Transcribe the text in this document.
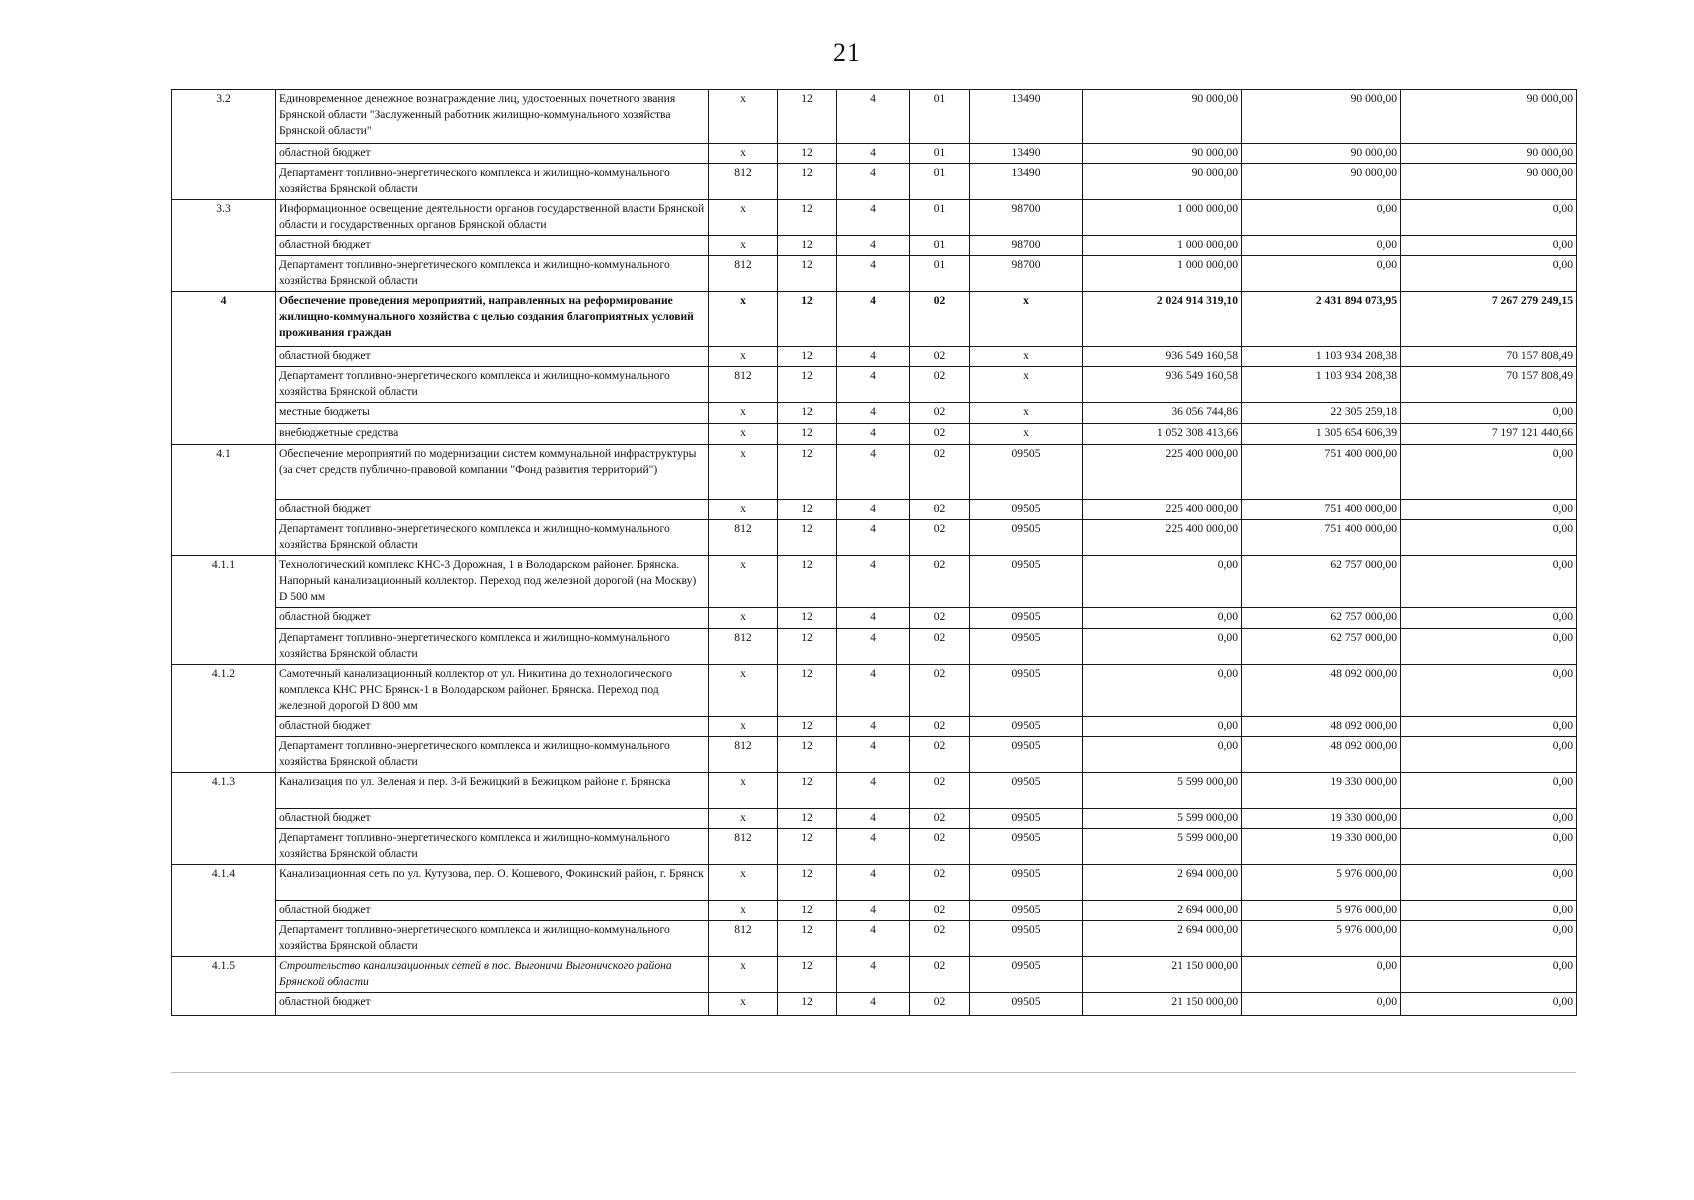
21
3.2	Единовременное денежное вознаграждение лиц, удостоенных почетного звания Брянской области "Заслуженный работник жилищно-коммунального хозяйства Брянской области"	x	12	4	01	13490	90 000,00	90 000,00	90 000,00
	областной бюджет	x	12	4	01	13490	90 000,00	90 000,00	90 000,00
	Департамент топливно-энергетического комплекса и жилищно-коммунального хозяйства Брянской области	812	12	4	01	13490	90 000,00	90 000,00	90 000,00
3.3	Информационное освещение деятельности органов государственной власти Брянской области и государственных органов Брянской области	x	12	4	01	98700	1 000 000,00	0,00	0,00
	областной бюджет	x	12	4	01	98700	1 000 000,00	0,00	0,00
	Департамент топливно-энергетического комплекса и жилищно-коммунального хозяйства Брянской области	812	12	4	01	98700	1 000 000,00	0,00	0,00
4	Обеспечение проведения мероприятий, направленных на реформирование жилищно-коммунального хозяйства с целью создания благоприятных условий проживания граждан	x	12	4	02	x	2 024 914 319,10	2 431 894 073,95	7 267 279 249,15
	областной бюджет	x	12	4	02	x	936 549 160,58	1 103 934 208,38	70 157 808,49
	Департамент топливно-энергетического комплекса и жилищно-коммунального хозяйства Брянской области	812	12	4	02	x	936 549 160,58	1 103 934 208,38	70 157 808,49
	местные бюджеты	x	12	4	02	x	36 056 744,86	22 305 259,18	0,00
	внебюджетные средства	x	12	4	02	x	1 052 308 413,66	1 305 654 606,39	7 197 121 440,66
4.1	Обеспечение мероприятий по модернизации систем коммунальной инфраструктуры (за счет средств публично-правовой компании "Фонд развития территорий")	x	12	4	02	09505	225 400 000,00	751 400 000,00	0,00
	областной бюджет	x	12	4	02	09505	225 400 000,00	751 400 000,00	0,00
	Департамент топливно-энергетического комплекса и жилищно-коммунального хозяйства Брянской области	812	12	4	02	09505	225 400 000,00	751 400 000,00	0,00
4.1.1	Технологический комплекс КНС-3 Дорожная, 1 в Володарском районег. Брянска. Напорный канализационный коллектор. Переход под железной дорогой (на Москву) D 500 мм	x	12	4	02	09505	0,00	62 757 000,00	0,00
	областной бюджет	x	12	4	02	09505	0,00	62 757 000,00	0,00
	Департамент топливно-энергетического комплекса и жилищно-коммунального хозяйства Брянской области	812	12	4	02	09505	0,00	62 757 000,00	0,00
4.1.2	Самотечный канализационный коллектор от ул. Никитина до технологического комплекса КНС РНС Брянск-1 в Володарском районег. Брянска. Переход под железной дорогой D 800 мм	x	12	4	02	09505	0,00	48 092 000,00	0,00
	областной бюджет	x	12	4	02	09505	0,00	48 092 000,00	0,00
	Департамент топливно-энергетического комплекса и жилищно-коммунального хозяйства Брянской области	812	12	4	02	09505	0,00	48 092 000,00	0,00
4.1.3	Канализация по ул. Зеленая и пер. 3-й Бежицкий в Бежицком районе г. Брянска	x	12	4	02	09505	5 599 000,00	19 330 000,00	0,00
	областной бюджет	x	12	4	02	09505	5 599 000,00	19 330 000,00	0,00
	Департамент топливно-энергетического комплекса и жилищно-коммунального хозяйства Брянской области	812	12	4	02	09505	5 599 000,00	19 330 000,00	0,00
4.1.4	Канализационная сеть по ул. Кутузова, пер. О. Кошевого, Фокинский район, г. Брянск	x	12	4	02	09505	2 694 000,00	5 976 000,00	0,00
	областной бюджет	x	12	4	02	09505	2 694 000,00	5 976 000,00	0,00
	Департамент топливно-энергетического комплекса и жилищно-коммунального хозяйства Брянской области	812	12	4	02	09505	2 694 000,00	5 976 000,00	0,00
4.1.5	Строительство канализационных сетей в пос. Выгоничи Выгоничского района Брянской области	x	12	4	02	09505	21 150 000,00	0,00	0,00
	областной бюджет	x	12	4	02	09505	21 150 000,00	0,00	0,00
